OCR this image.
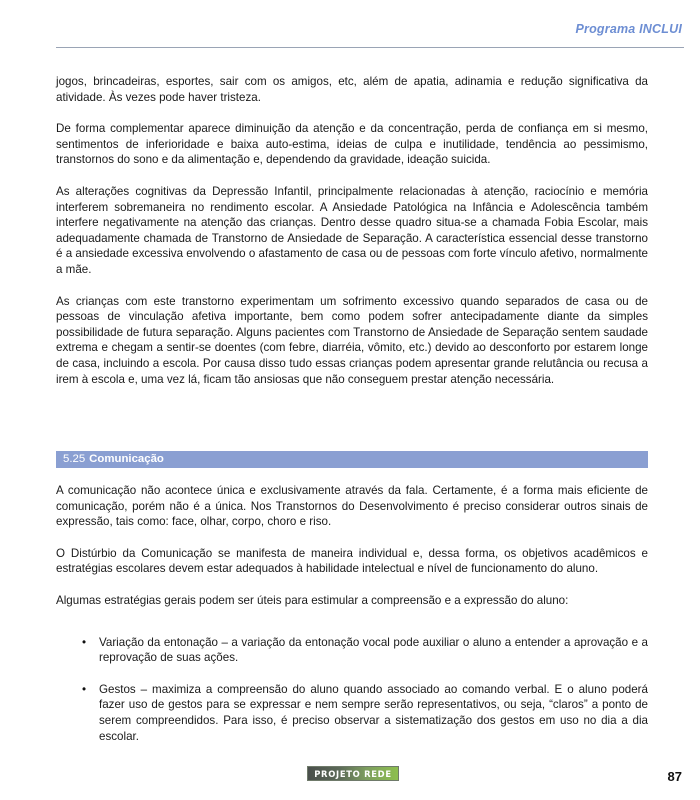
Programa INCLUI

jogos, brincadeiras, esportes, sair com os amigos, etc, além de apatia, adinamia e redução significativa da atividade. Às vezes pode haver tristeza.

De forma complementar aparece diminuição da atenção e da concentração, perda de confiança em si mesmo, sentimentos de inferioridade e baixa auto-estima, ideias de culpa e inutilidade, tendência ao pessimismo, transtornos do sono e da alimentação e, dependendo da gravidade, ideação suicida.

As alterações cognitivas da Depressão Infantil, principalmente relacionadas à atenção, raciocínio e memória interferem sobremaneira no rendimento escolar. A Ansiedade Patológica na Infância e Adolescência também interfere negativamente na atenção das crianças. Dentro desse quadro situa-se a chamada Fobia Escolar, mais adequadamente chamada de Transtorno de Ansiedade de Separação. A característica essencial desse transtorno é a ansiedade excessiva envolvendo o afastamento de casa ou de pessoas com forte vínculo afetivo, normalmente a mãe.

As crianças com este transtorno experimentam um sofrimento excessivo quando separados de casa ou de pessoas de vinculação afetiva importante, bem como podem sofrer antecipadamente diante da simples possibilidade de futura separação. Alguns pacientes com Transtorno de Ansiedade de Separação sentem saudade extrema e chegam a sentir-se doentes (com febre, diarréia, vômito, etc.) devido ao desconforto por estarem longe de casa, incluindo a escola. Por causa disso tudo essas crianças podem apresentar grande relutância ou recusa a irem à escola e, uma vez lá, ficam tão ansiosas que não conseguem prestar atenção necessária.

5.25 Comunicação

A comunicação não acontece única e exclusivamente através da fala. Certamente, é a forma mais eficiente de comunicação, porém não é a única. Nos Transtornos do Desenvolvimento é preciso considerar outros sinais de expressão, tais como: face, olhar, corpo, choro e riso.

O Distúrbio da Comunicação se manifesta de maneira individual e, dessa forma, os objetivos acadêmicos e estratégias escolares devem estar adequados à habilidade intelectual e nível de funcionamento do aluno.

Algumas estratégias gerais podem ser úteis para estimular a compreensão e a expressão do aluno:

• Variação da entonação – a variação da entonação vocal pode auxiliar o aluno a entender a aprovação e a reprovação de suas ações.
• Gestos – maximiza a compreensão do aluno quando associado ao comando verbal. E o aluno poderá fazer uso de gestos para se expressar e nem sempre serão representativos, ou seja, “claros” a ponto de serem compreendidos. Para isso, é preciso observar a sistematização dos gestos em uso no dia a dia escolar.
PROJETO REDE	87
